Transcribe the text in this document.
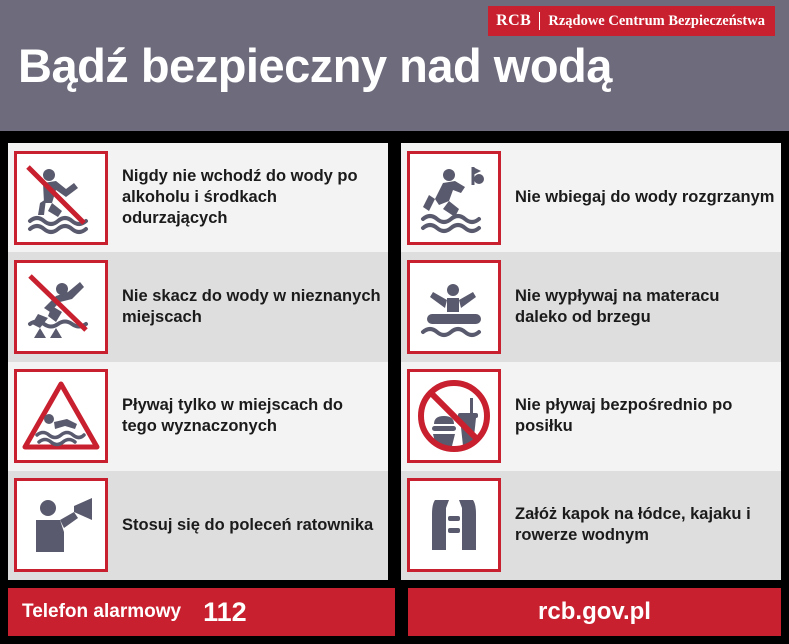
RCB	Rządowe Centrum Bezpieczeństwa
Bądź bezpieczny nad wodą
Nigdy nie wchodź do wody po alkoholu i środkach odurzających
Nie skacz do wody w nieznanych miejscach
Pływaj tylko w miejscach do tego wyznaczonych
Stosuj się do poleceń ratownika
Nie wbiegaj do wody rozgrzanym
Nie wypływaj na materacu daleko od brzegu
Nie pływaj bezpośrednio po posiłku
Załóż kapok na łódce, kajaku i rowerze wodnym
Telefon alarmowy 112	rcb.gov.pl
